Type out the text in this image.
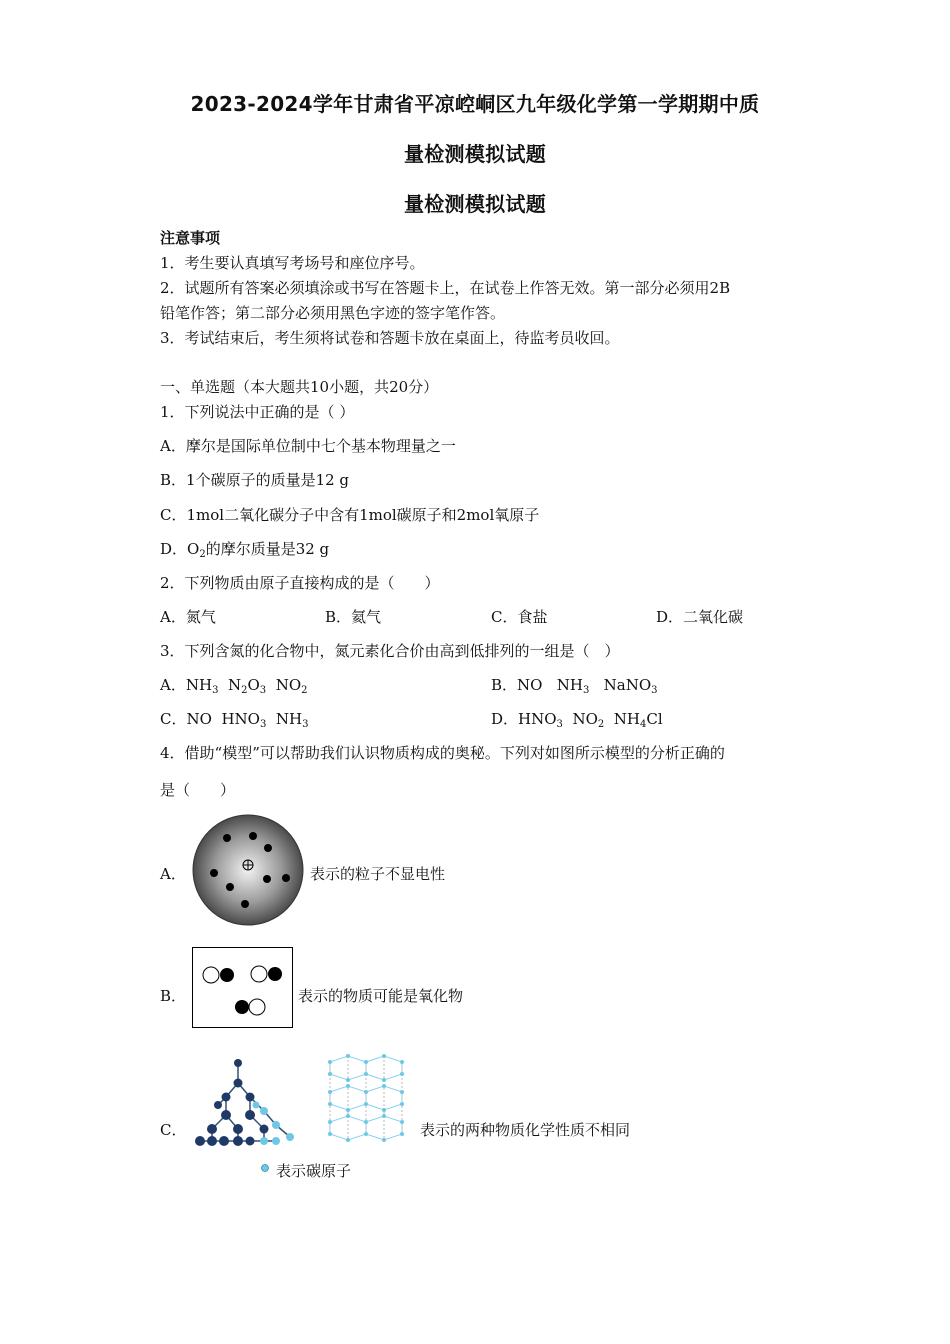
2023-2024学年甘肃省平凉崆峒区九年级化学第一学期期中质
量检测模拟试题
量检测模拟试题
注意事项
1．考生要认真填写考场号和座位序号。
2．试题所有答案必须填涂或书写在答题卡上，在试卷上作答无效。第一部分必须用2B
铅笔作答；第二部分必须用黑色字迹的签字笔作答。
3．考试结束后，考生须将试卷和答题卡放在桌面上，待监考员收回。
一、单选题（本大题共10小题，共20分）
1．下列说法中正确的是（ ）
A．摩尔是国际单位制中七个基本物理量之一
B．1个碳原子的质量是12 g
C．1mol二氧化碳分子中含有1mol碳原子和2mol氧原子
D．$O_2$的摩尔质量是32 g
2．下列物质由原子直接构成的是（　　）
A．氮气	B．氦气	C．食盐	D．二氧化碳
3．下列含氮的化合物中，氮元素化合价由高到低排列的一组是（　）
A．$NH_3$  $N_2O_3$  $NO_2$	B．NO   $NH_3$   NaNO$_3$
C．NO  $HNO_3$  $NH_3$	D．$HNO_3$  $NO_2$  $NH_4Cl$
4．借助“模型”可以帮助我们认识物质构成的奥秘。下列对如图所示模型的分析正确的
是（　　）
A．	表示的粒子不显电性
B．	表示的物质可能是氧化物
C．	表示的两种物质化学性质不相同
表示碳原子
